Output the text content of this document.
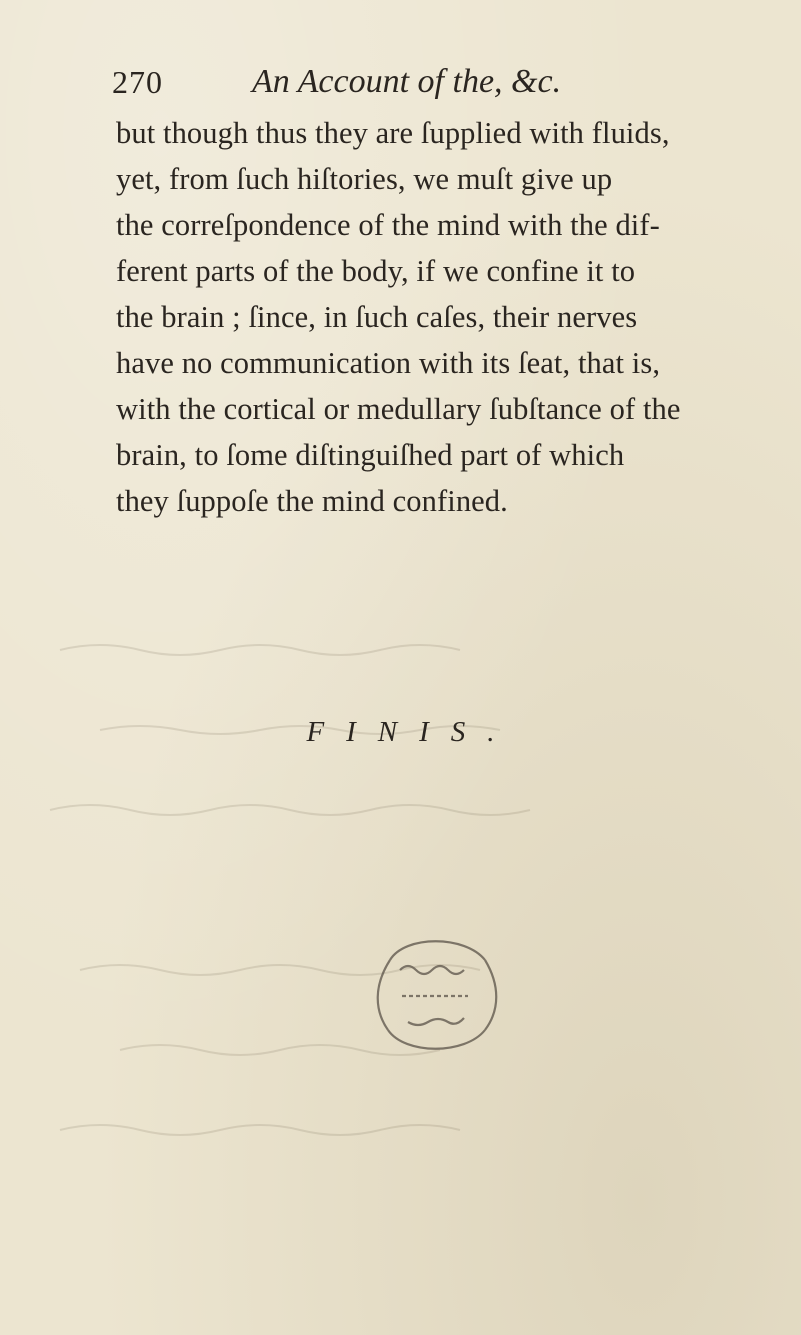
270	An Account of the, &c.
but though thus they are ſupplied with fluids,
yet, from ſuch hiſtories, we muſt give up
the correſpondence of the mind with the dif-
ferent parts of the body, if we confine it to
the brain ; ſince, in ſuch caſes, their nerves
have no communication with its ſeat, that is,
with the cortical or medullary ſubſtance of the
brain, to ſome diſtinguiſhed part of which
they ſuppoſe the mind confined.
FINIS.
